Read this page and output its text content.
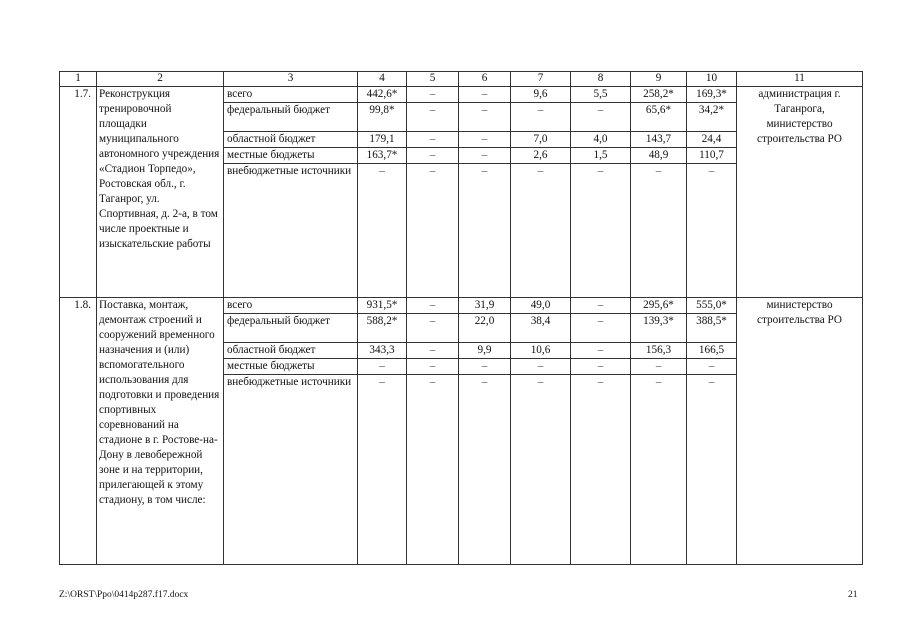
1	2	3	4	5	6	7	8	9	10	11
1.7.	Реконструкция тренировочной площадки муниципального автономного учреждения «Стадион Торпедо», Ростовская обл., г. Таганрог, ул. Спортивная, д. 2-а, в том числе проектные и изыскательские работы	всего	442,6*	–	–	9,6	5,5	258,2*	169,3*	администрация г. Таганрога, министерство строительства РО
		федеральный бюджет	99,8*	–	–	–	–	65,6*	34,2*	
		областной бюджет	179,1	–	–	7,0	4,0	143,7	24,4	
		местные бюджеты	163,7*	–	–	2,6	1,5	48,9	110,7	
		внебюджетные источники	–	–	–	–	–	–	–	
1.8.	Поставка, монтаж, демонтаж строений и сооружений временного назначения и (или) вспомогательного использования для подготовки и проведения спортивных соревнований на стадионе в г. Ростове-на-Дону в левобережной зоне и на территории, прилегающей к этому стадиону, в том числе:	всего	931,5*	–	31,9	49,0	–	295,6*	555,0*	министерство строительства РО
		федеральный бюджет	588,2*	–	22,0	38,4	–	139,3*	388,5*	
		областной бюджет	343,3	–	9,9	10,6	–	156,3	166,5	
		местные бюджеты	–	–	–	–	–	–	–	
		внебюджетные источники	–	–	–	–	–	–	–	
Z:\ORST\Ppo\0414p287.f17.docx	21
